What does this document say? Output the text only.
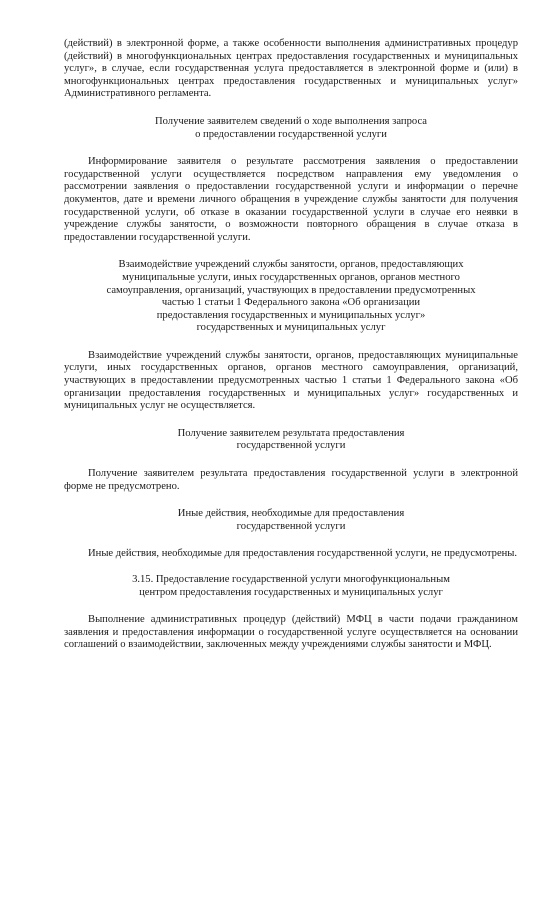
(действий) в электронной форме, а также особенности выполнения административных процедур (действий) в многофункциональных центрах предоставления государственных и муниципальных услуг», в случае, если государственная услуга предоставляется в электронной форме и (или) в многофункциональных центрах предоставления государственных и муниципальных услуг» Административного регламента.

Получение заявителем сведений о ходе выполнения запроса
о предоставлении государственной услуги

Информирование заявителя о результате рассмотрения заявления о предоставлении государственной услуги осуществляется посредством направления ему уведомления о рассмотрении заявления о предоставлении государственной услуги и информации о перечне документов, дате и времени личного обращения в учреждение службы занятости для получения государственной услуги, об отказе в оказании государственной услуги в случае его неявки в учреждение службы занятости, о возможности повторного обращения в случае отказа в предоставлении государственной услуги.

Взаимодействие учреждений службы занятости, органов, предоставляющих
муниципальные услуги, иных государственных органов, органов местного
самоуправления, организаций, участвующих в предоставлении предусмотренных
частью 1 статьи 1 Федерального закона «Об организации
предоставления государственных и муниципальных услуг»
государственных и муниципальных услуг

Взаимодействие учреждений службы занятости, органов, предоставляющих муниципальные услуги, иных государственных органов, органов местного самоуправления, организаций, участвующих в предоставлении предусмотренных частью 1 статьи 1 Федерального закона «Об организации предоставления государственных и муниципальных услуг» государственных и муниципальных услуг не осуществляется.

Получение заявителем результата предоставления
государственной услуги

Получение заявителем результата предоставления государственной услуги в электронной форме не предусмотрено.

Иные действия, необходимые для предоставления
государственной услуги

Иные действия, необходимые для предоставления государственной услуги, не предусмотрены.

3.15. Предоставление государственной услуги многофункциональным
центром предоставления государственных и муниципальных услуг

Выполнение административных процедур (действий) МФЦ в части подачи гражданином заявления и предоставления информации о государственной услуге осуществляется на основании соглашений о взаимодействии, заключенных между учреждениями службы занятости и МФЦ.
